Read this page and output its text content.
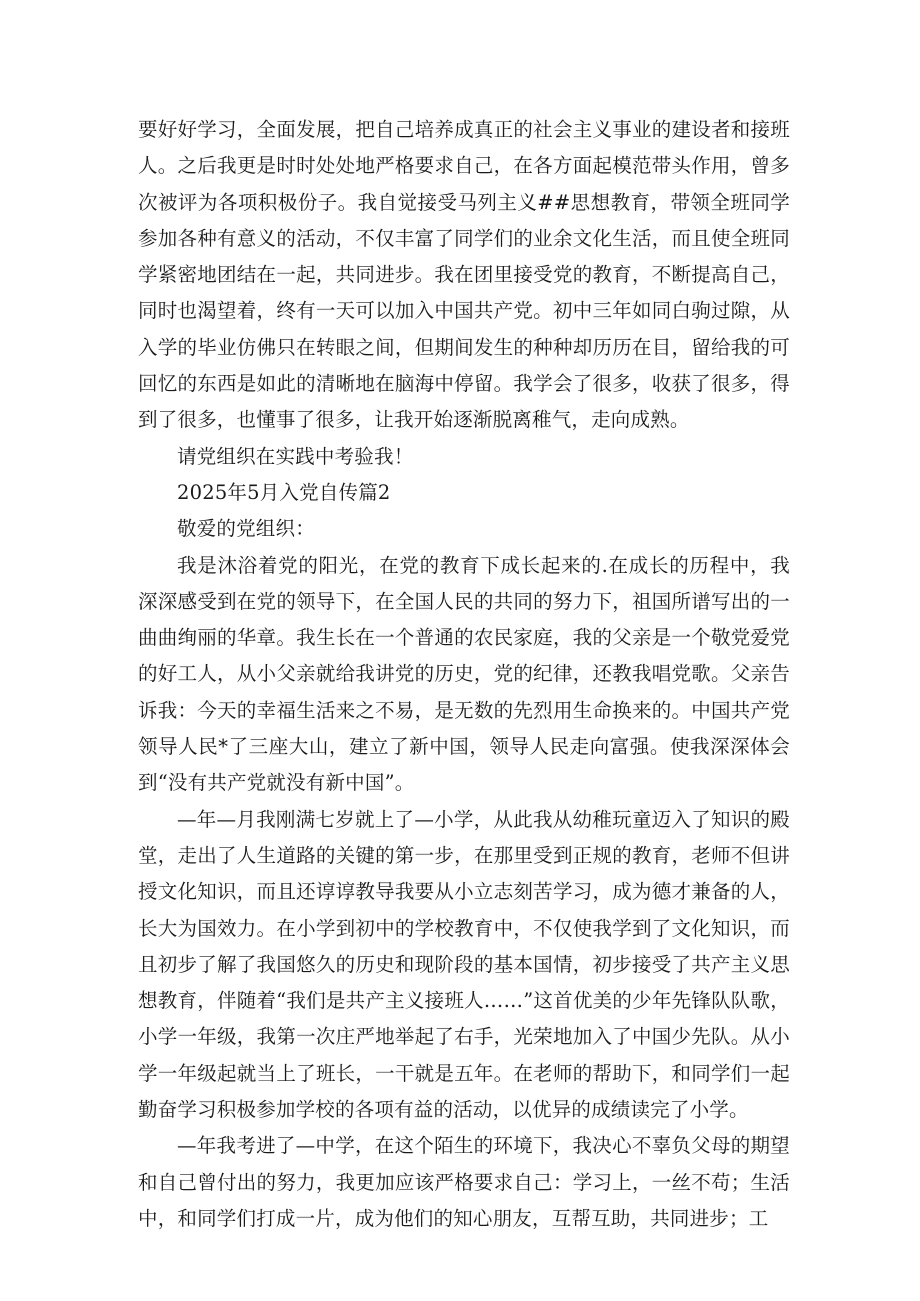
要好好学习，全面发展，把自己培养成真正的社会主义事业的建设者和接班人。之后我更是时时处处地严格要求自己，在各方面起模范带头作用，曾多次被评为各项积极份子。我自觉接受马列主义##思想教育，带领全班同学参加各种有意义的活动，不仅丰富了同学们的业余文化生活，而且使全班同学紧密地团结在一起，共同进步。我在团里接受党的教育，不断提高自己，同时也渴望着，终有一天可以加入中国共产党。初中三年如同白驹过隙，从入学的毕业仿佛只在转眼之间，但期间发生的种种却历历在目，留给我的可回忆的东西是如此的清晰地在脑海中停留。我学会了很多，收获了很多，得到了很多，也懂事了很多，让我开始逐渐脱离稚气，走向成熟。

请党组织在实践中考验我！

2025年5月入党自传篇2

敬爱的党组织：

我是沐浴着党的阳光，在党的教育下成长起来的.在成长的历程中，我深深感受到在党的领导下，在全国人民的共同的努力下，祖国所谱写出的一曲曲绚丽的华章。我生长在一个普通的农民家庭，我的父亲是一个敬党爱党的好工人，从小父亲就给我讲党的历史，党的纪律，还教我唱党歌。父亲告诉我：今天的幸福生活来之不易，是无数的先烈用生命换来的。中国共产党领导人民*了三座大山，建立了新中国，领导人民走向富强。使我深深体会到“没有共产党就没有新中国”。

—年—月我刚满七岁就上了—小学，从此我从幼稚玩童迈入了知识的殿堂，走出了人生道路的关键的第一步，在那里受到正规的教育，老师不但讲授文化知识，而且还谆谆教导我要从小立志刻苦学习，成为德才兼备的人，长大为国效力。在小学到初中的学校教育中，不仅使我学到了文化知识，而且初步了解了我国悠久的历史和现阶段的基本国情，初步接受了共产主义思想教育，伴随着“我们是共产主义接班人……”这首优美的少年先锋队队歌，小学一年级，我第一次庄严地举起了右手，光荣地加入了中国少先队。从小学一年级起就当上了班长，一干就是五年。在老师的帮助下，和同学们一起勤奋学习积极参加学校的各项有益的活动，以优异的成绩读完了小学。

—年我考进了—中学，在这个陌生的环境下，我决心不辜负父母的期望和自己曾付出的努力，我更加应该严格要求自己：学习上，一丝不苟；生活中，和同学们打成一片，成为他们的知心朋友，互帮互助，共同进步；工
